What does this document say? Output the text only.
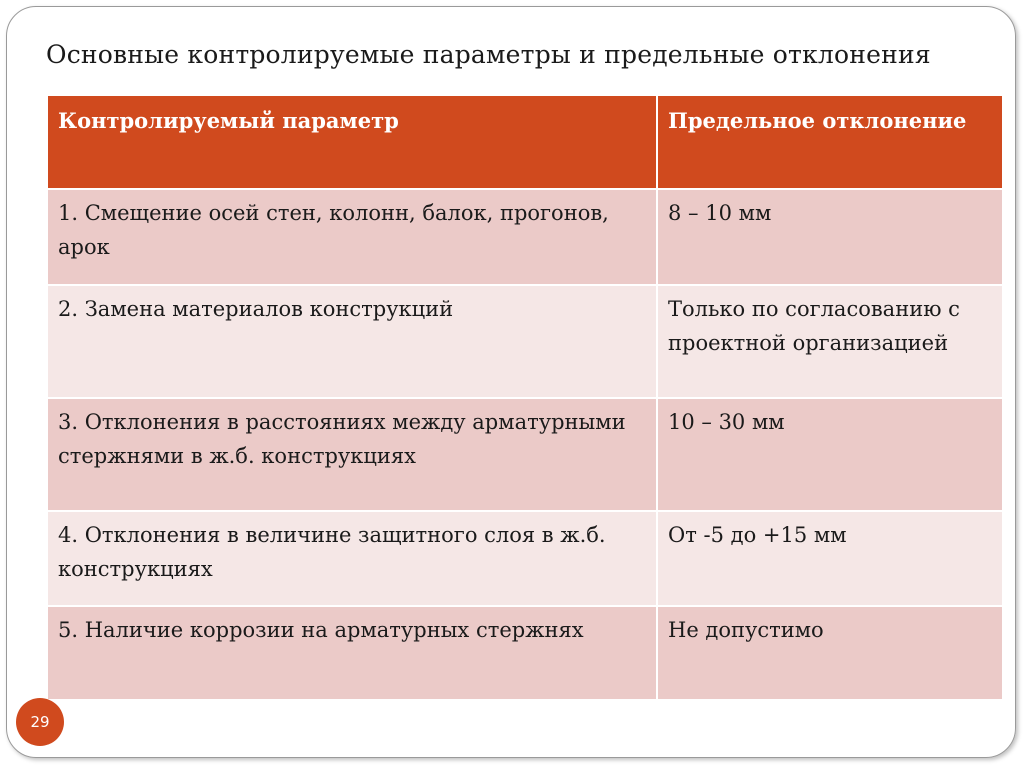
Основные контролируемые параметры и предельные отклонения
Контролируемый параметр	Предельное отклонение
1. Смещение осей стен, колонн, балок, прогонов, арок	8 – 10 мм
2. Замена материалов конструкций	Только по согласованию с проектной организацией
3. Отклонения в расстояниях между арматурными стержнями в ж.б. конструкциях	10 – 30 мм
4. Отклонения в величине защитного слоя в ж.б. конструкциях	От -5 до +15 мм
5. Наличие коррозии на арматурных стержнях	Не допустимо
29
